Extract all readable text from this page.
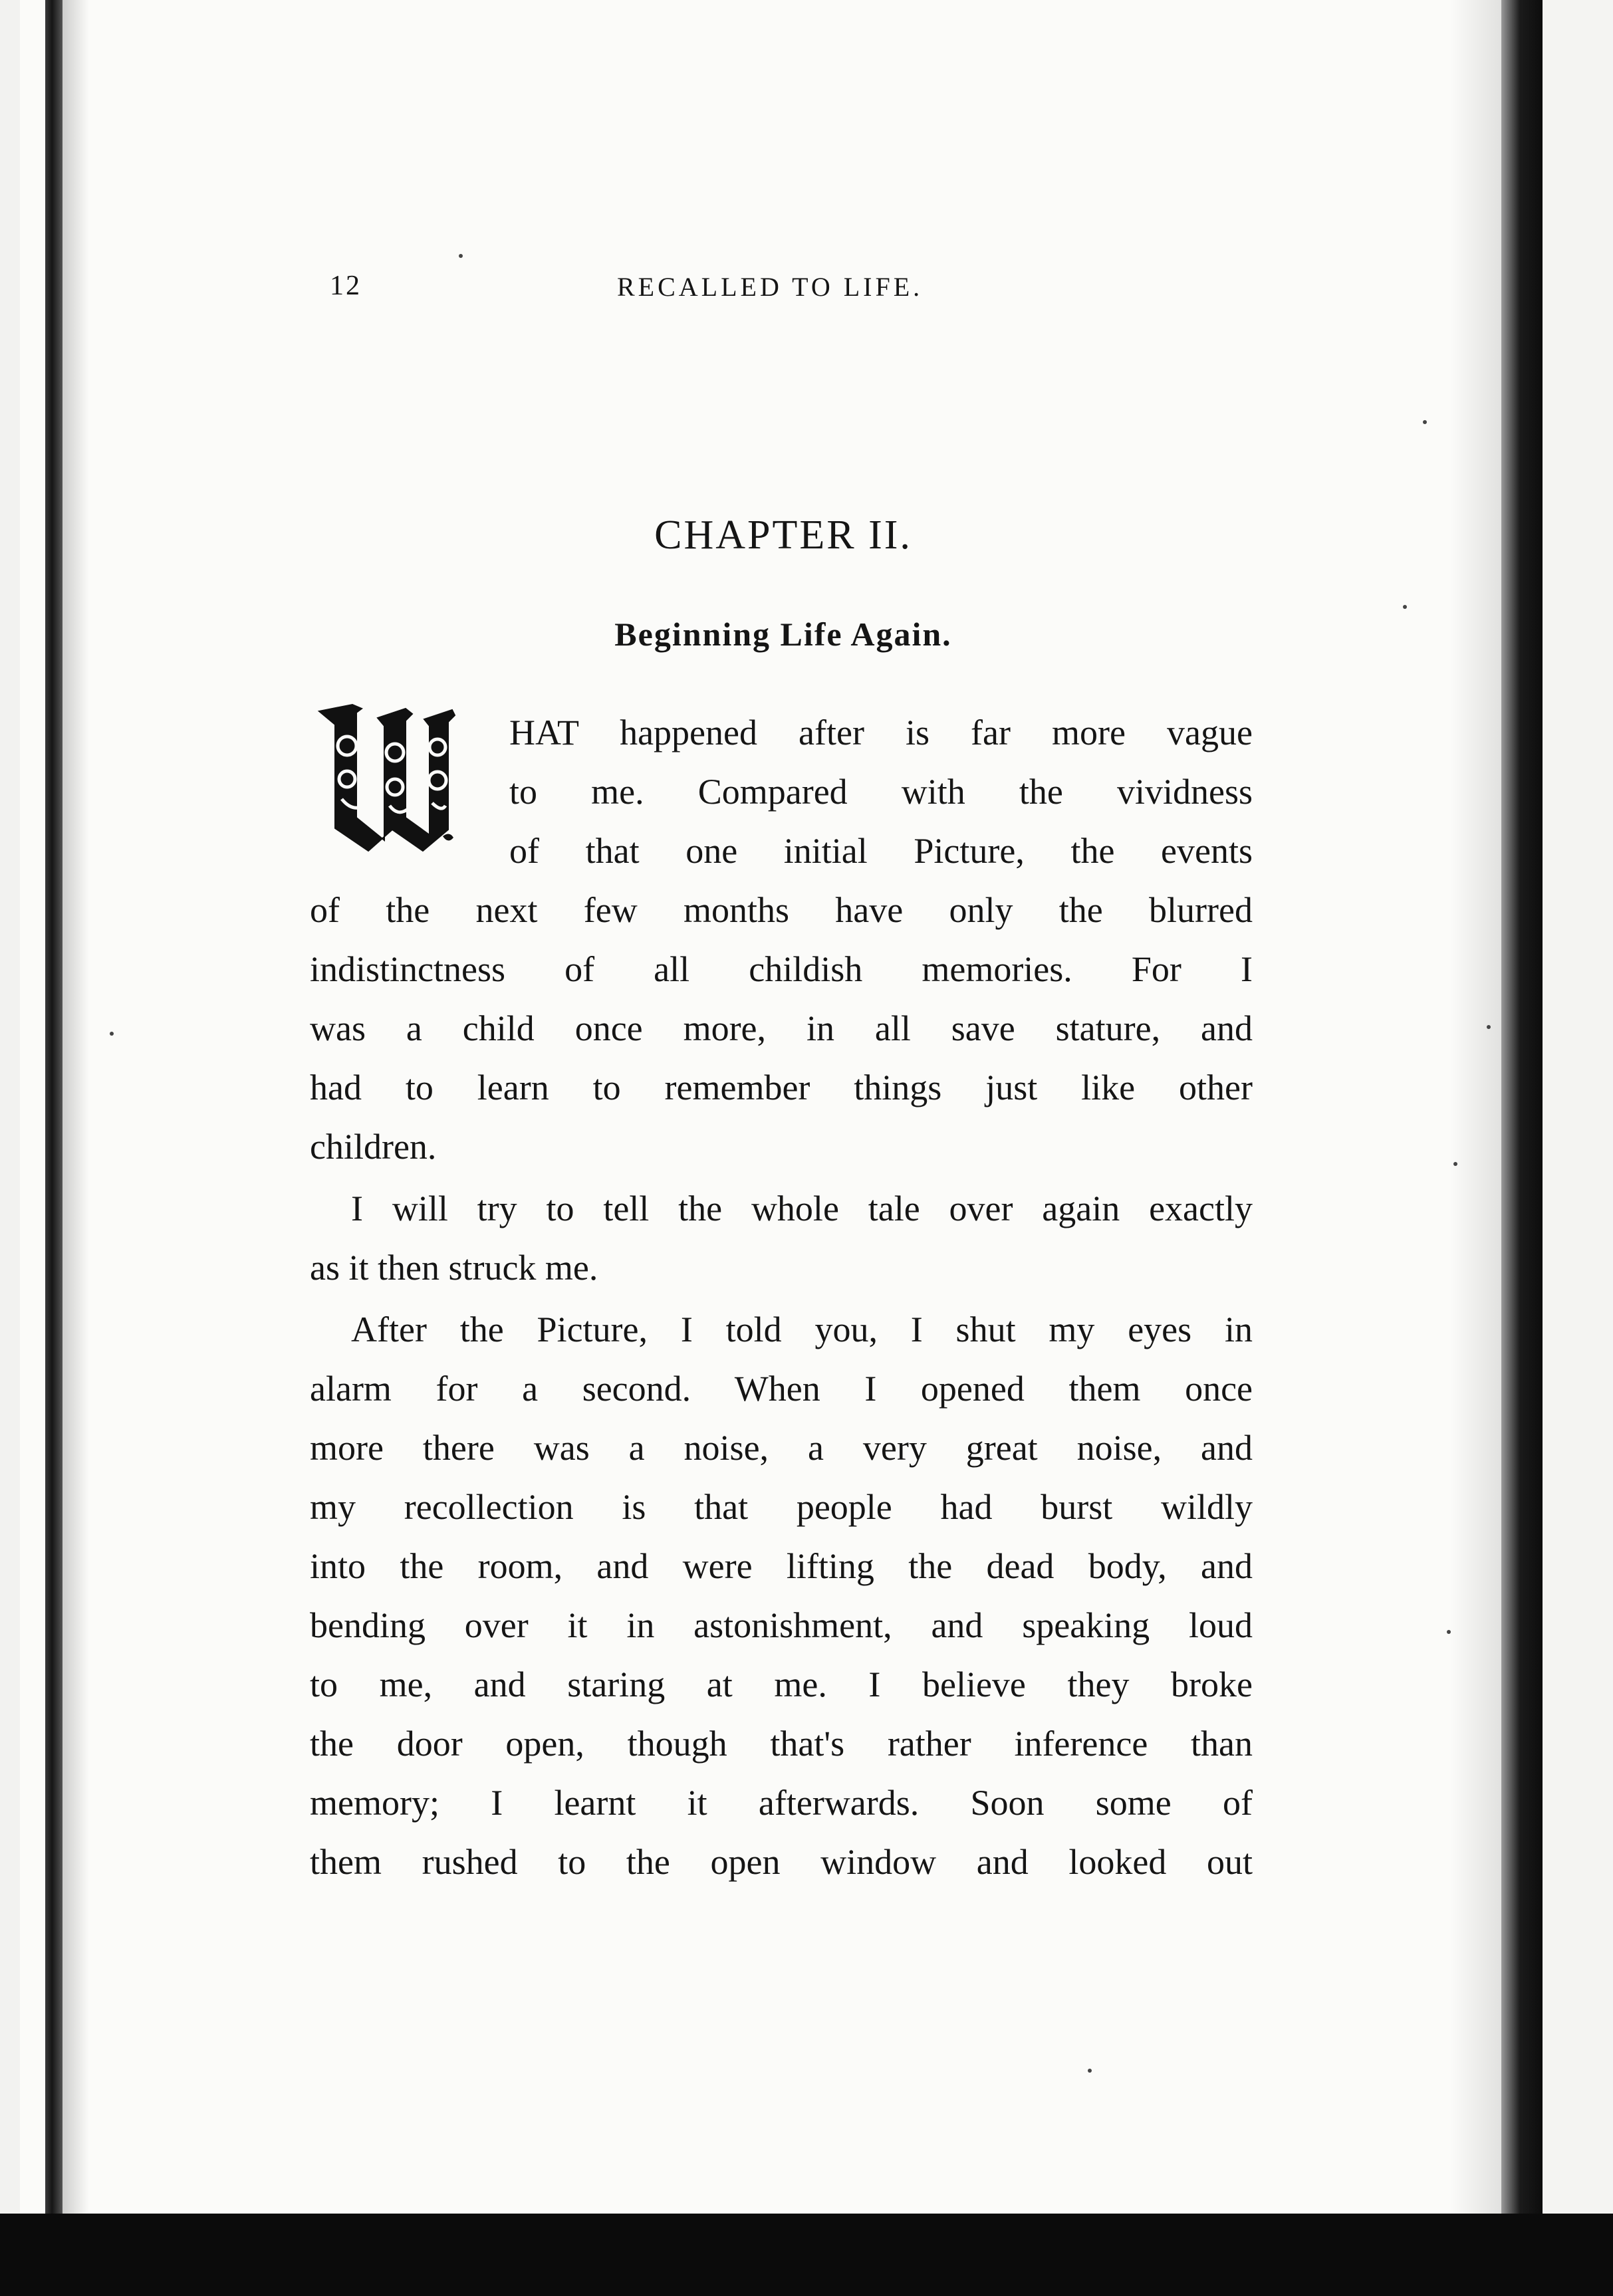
12	RECALLED TO LIFE.
CHAPTER II.
Beginning Life Again.

HAT happened after is far more vague
to me. Compared with the vividness
of that one initial Picture, the events
of the next few months have only the blurred
indistinctness of all childish memories. For I
was a child once more, in all save stature, and
had to learn to remember things just like other
children.

I will try to tell the whole tale over again exactly
as it then struck me.

After the Picture, I told you, I shut my eyes in
alarm for a second. When I opened them once
more there was a noise, a very great noise, and
my recollection is that people had burst wildly
into the room, and were lifting the dead body, and
bending over it in astonishment, and speaking loud
to me, and staring at me. I believe they broke
the door open, though that's rather inference than
memory; I learnt it afterwards. Soon some of
them rushed to the open window and looked out
